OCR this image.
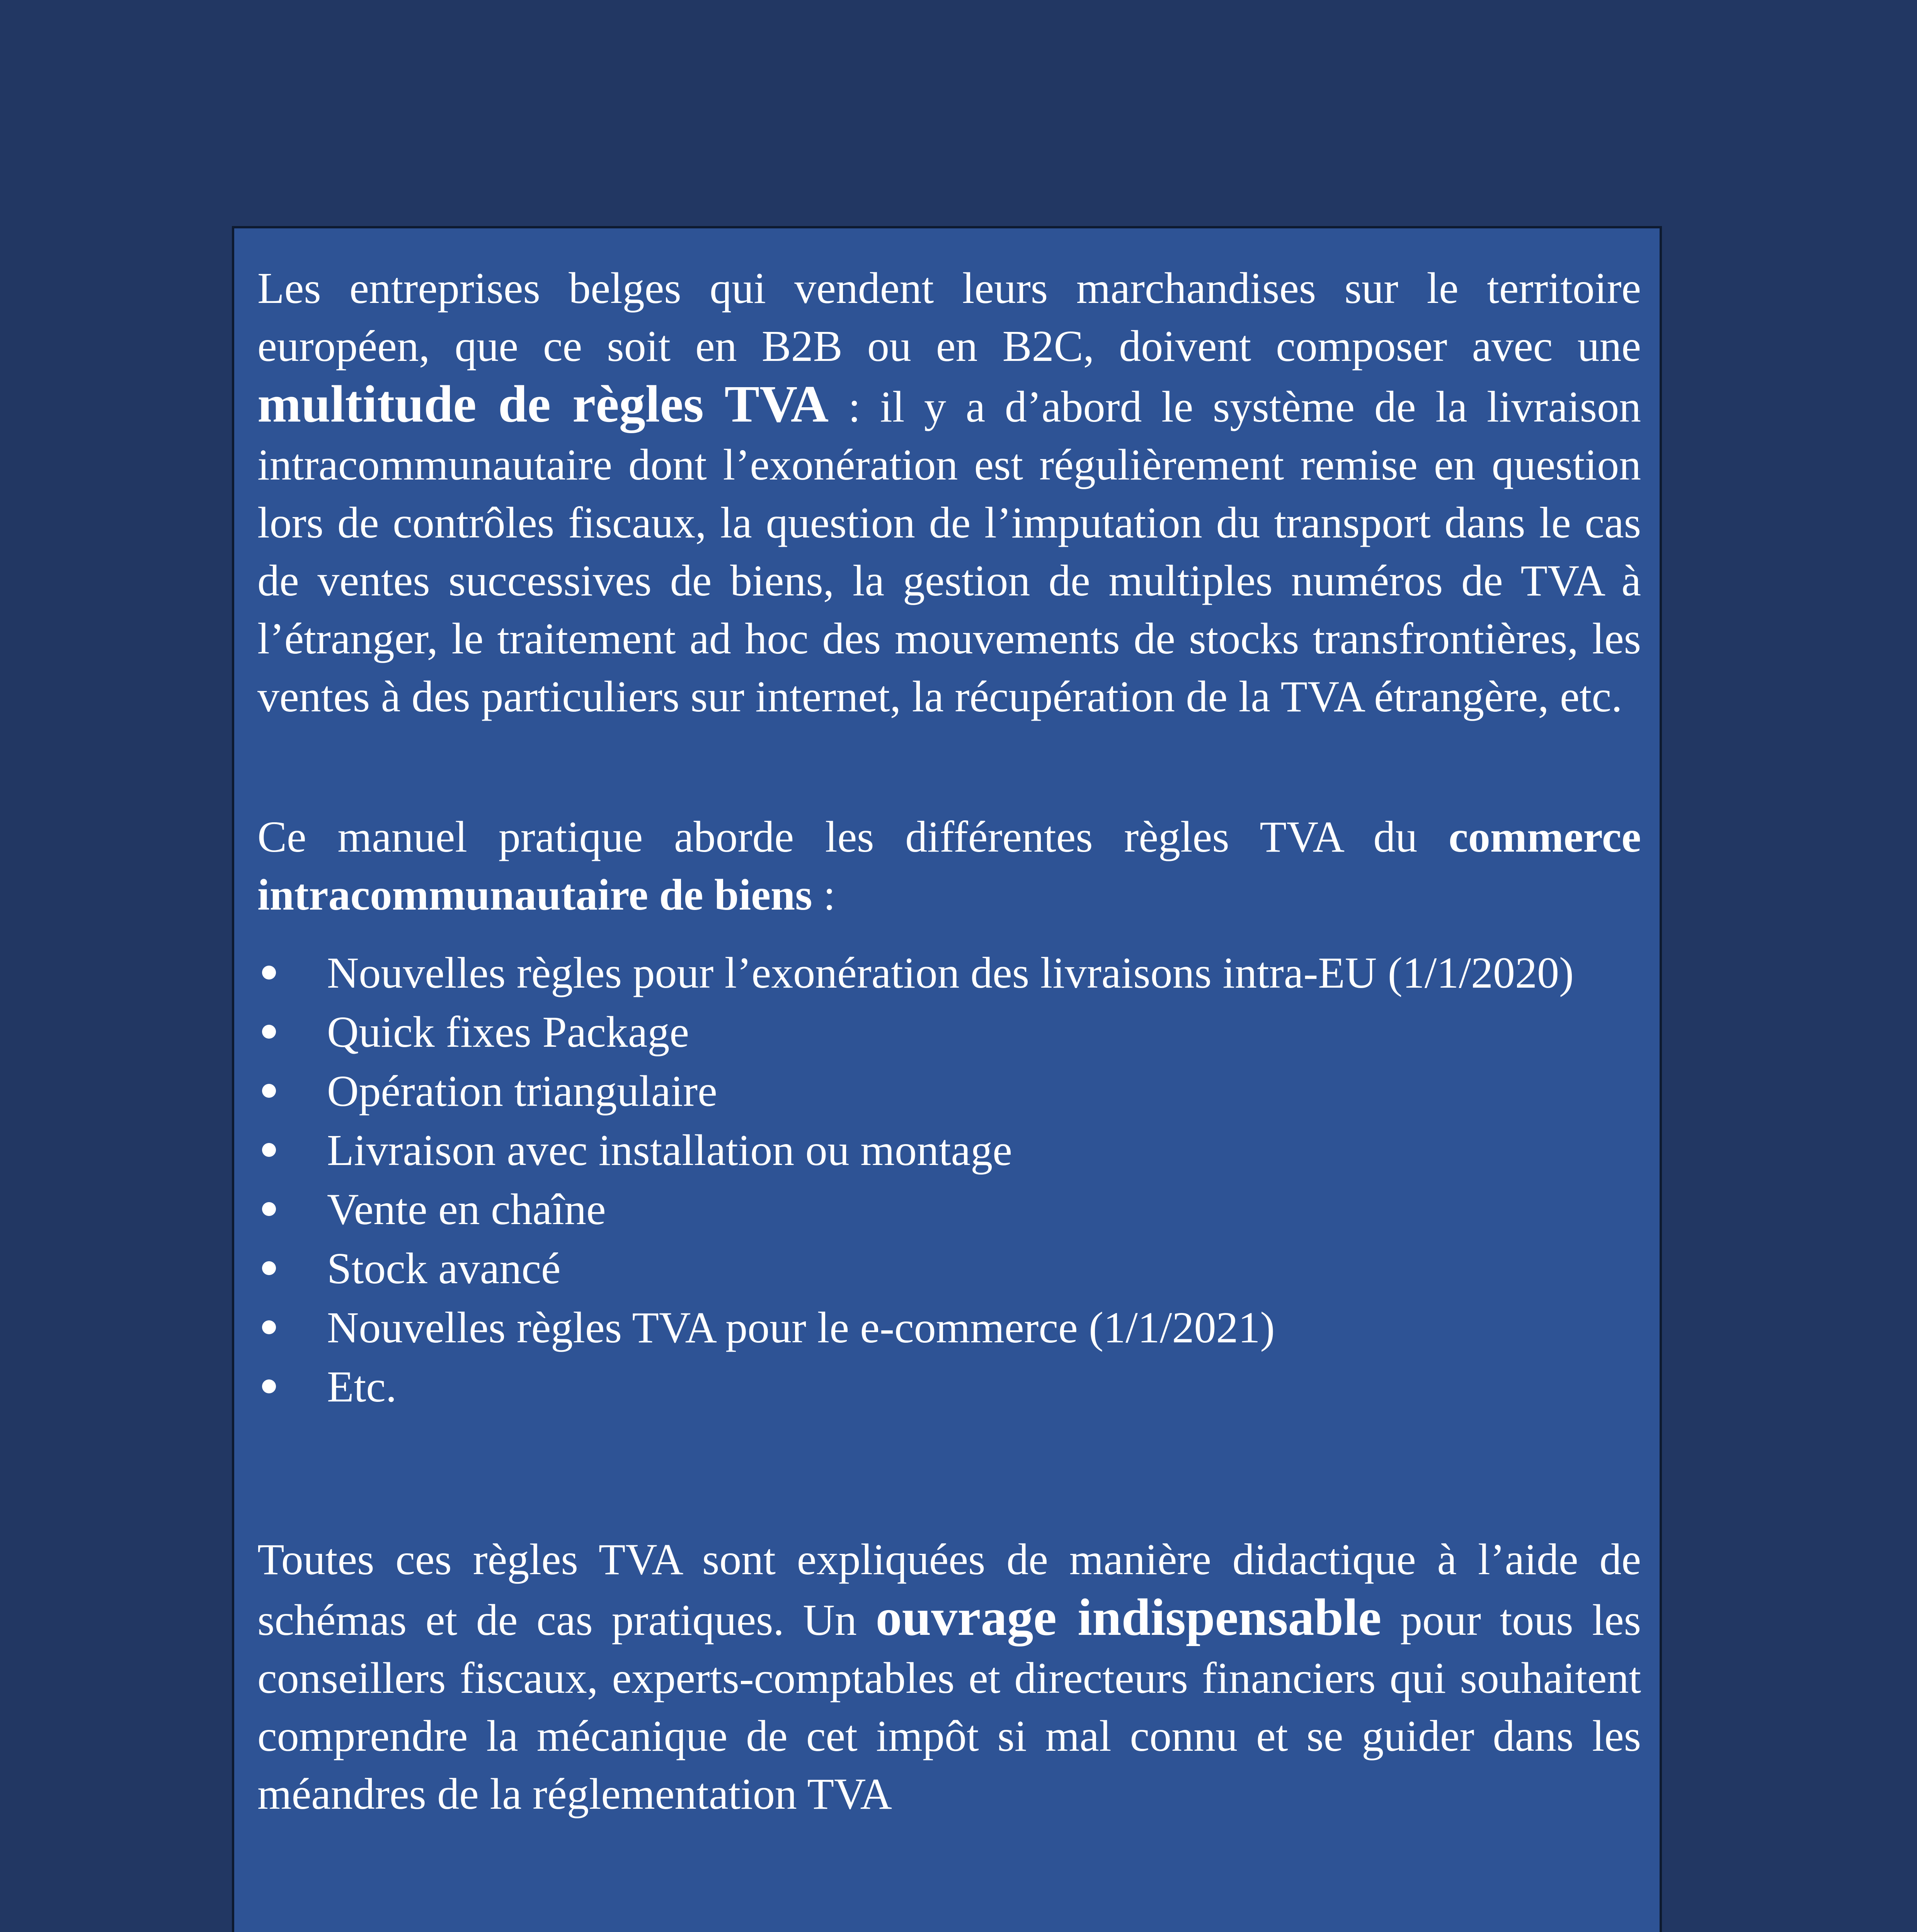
Les entreprises belges qui vendent leurs marchandises sur le territoire européen, que ce soit en B2B ou en B2C, doivent composer avec une multitude de règles TVA : il y a d’abord le système de la livraison intracommunautaire dont l’exonération est régulièrement remise en question lors de contrôles fiscaux, la question de l’imputation du transport dans le cas de ventes successives de biens, la gestion de multiples numéros de TVA à l’étranger, le traitement ad hoc des mouvements de stocks transfrontières, les ventes à des particuliers sur internet, la récupération de la TVA étrangère, etc.

Ce manuel pratique aborde les différentes règles TVA du commerce intracommunautaire de biens :

Nouvelles règles pour l’exonération des livraisons intra-EU (1/1/2020)
Quick fixes Package
Opération triangulaire
Livraison avec installation ou montage
Vente en chaîne
Stock avancé
Nouvelles règles TVA pour le e-commerce (1/1/2021)
Etc.

Toutes ces règles TVA sont expliquées de manière didactique à l’aide de schémas et de cas pratiques. Un ouvrage indispensable pour tous les conseillers fiscaux, experts-comptables et directeurs financiers qui souhaitent comprendre la mécanique de cet impôt si mal connu et se guider dans les méandres de la réglementation TVA
